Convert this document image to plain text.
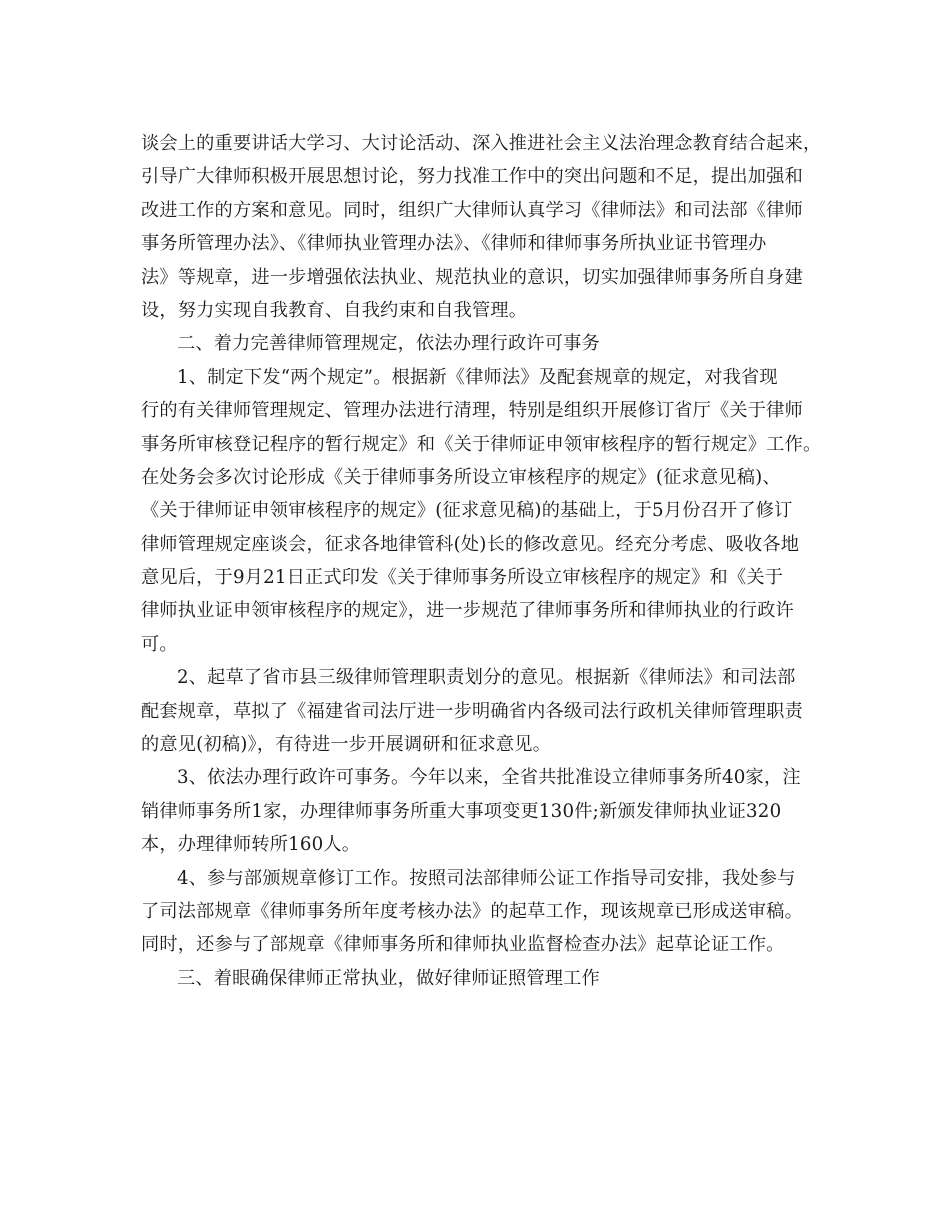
谈会上的重要讲话大学习、大讨论活动、深入推进社会主义法治理念教育结合起来，
引导广大律师积极开展思想讨论，努力找准工作中的突出问题和不足，提出加强和
改进工作的方案和意见。同时，组织广大律师认真学习《律师法》和司法部《律师
事务所管理办法》、《律师执业管理办法》、《律师和律师事务所执业证书管理办
法》等规章，进一步增强依法执业、规范执业的意识，切实加强律师事务所自身建
设，努力实现自我教育、自我约束和自我管理。
二、着力完善律师管理规定，依法办理行政许可事务
1、制定下发“两个规定”。根据新《律师法》及配套规章的规定，对我省现
行的有关律师管理规定、管理办法进行清理，特别是组织开展修订省厅《关于律师
事务所审核登记程序的暂行规定》和《关于律师证申领审核程序的暂行规定》工作。
在处务会多次讨论形成《关于律师事务所设立审核程序的规定》(征求意见稿)、
《关于律师证申领审核程序的规定》(征求意见稿)的基础上，于5月份召开了修订
律师管理规定座谈会，征求各地律管科(处)长的修改意见。经充分考虑、吸收各地
意见后，于9月21日正式印发《关于律师事务所设立审核程序的规定》和《关于
律师执业证申领审核程序的规定》，进一步规范了律师事务所和律师执业的行政许
可。
2、起草了省市县三级律师管理职责划分的意见。根据新《律师法》和司法部
配套规章，草拟了《福建省司法厅进一步明确省内各级司法行政机关律师管理职责
的意见(初稿)》，有待进一步开展调研和征求意见。
3、依法办理行政许可事务。今年以来，全省共批准设立律师事务所40家，注
销律师事务所1家，办理律师事务所重大事项变更130件;新颁发律师执业证320
本，办理律师转所160人。
4、参与部颁规章修订工作。按照司法部律师公证工作指导司安排，我处参与
了司法部规章《律师事务所年度考核办法》的起草工作，现该规章已形成送审稿。
同时，还参与了部规章《律师事务所和律师执业监督检查办法》起草论证工作。
三、着眼确保律师正常执业，做好律师证照管理工作
